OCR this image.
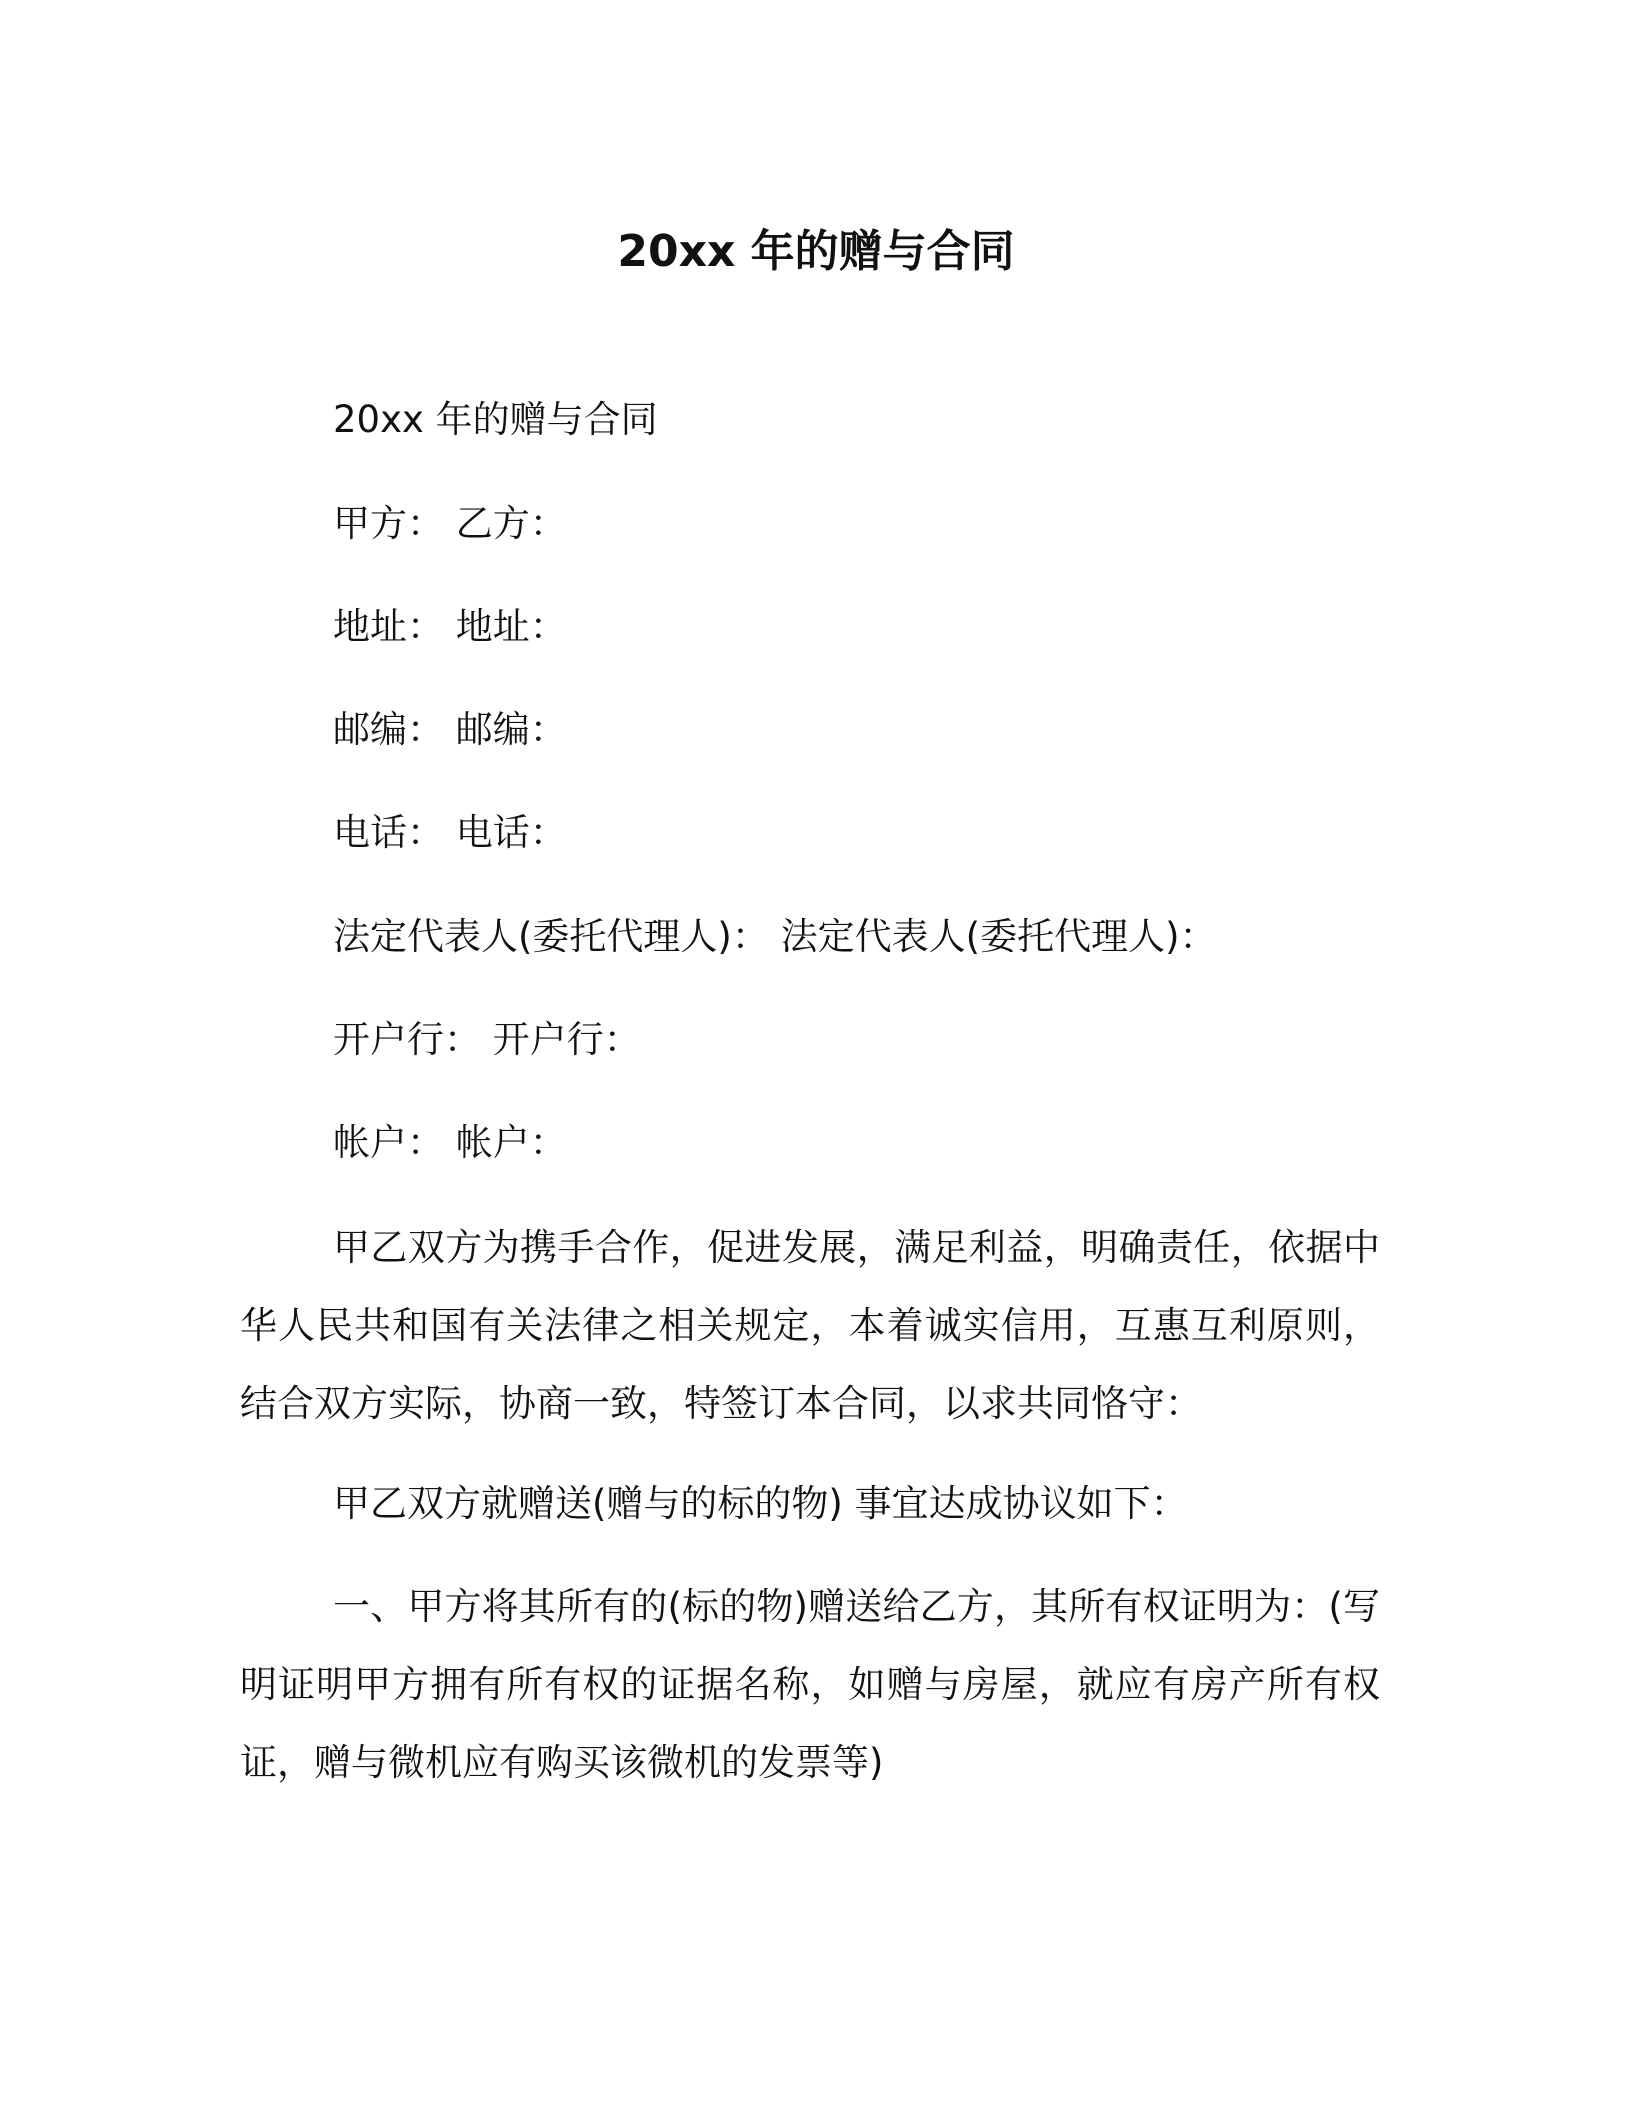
20xx 年的赠与合同
20xx 年的赠与合同
甲方： 乙方：
地址： 地址：
邮编： 邮编：
电话： 电话：
法定代表人(委托代理人)： 法定代表人(委托代理人)：
开户行： 开户行：
帐户： 帐户：
甲乙双方为携手合作，促进发展，满足利益，明确责任，依据中华人民共和国有关法律之相关规定，本着诚实信用，互惠互利原则，结合双方实际，协商一致，特签订本合同，以求共同恪守：
甲乙双方就赠送(赠与的标的物) 事宜达成协议如下：
一、甲方将其所有的(标的物)赠送给乙方，其所有权证明为：(写明证明甲方拥有所有权的证据名称，如赠与房屋，就应有房产所有权证，赠与微机应有购买该微机的发票等)
